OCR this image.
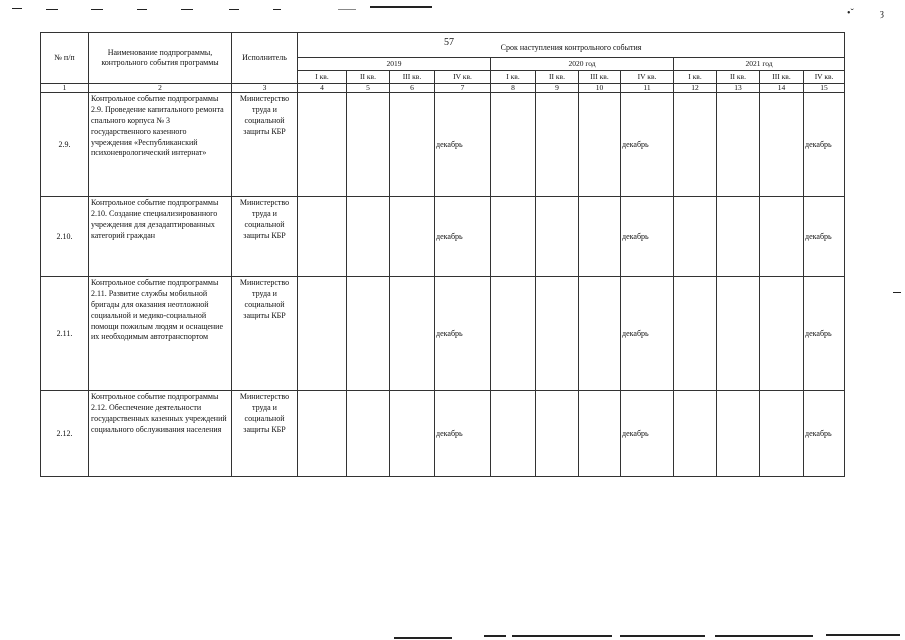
•ˇ	ȝ
№ п/п	Наименование подпрограммы, контрольного события программы	Исполнитель	Срок наступления контрольного события											
			2019				2020 год				2021 год			
			I кв.	II кв.	III кв.	IV кв.	I кв.	II кв.	III кв.	IV кв.	I кв.	II кв.	III кв.	IV кв.
1	2	3	4	5	6	7	8	9	10	11	12	13	14	15
2.9.	Контрольное событие подпрограммы 2.9. Проведение капитального ремонта спального корпуса № 3 государственного казенного учреждения «Республиканский психоневрологический интернат»	Министерство труда и социальной защиты КБР				декабрь				декабрь				декабрь
2.10.	Контрольное событие подпрограммы 2.10. Создание специализированного учреждения для дезадаптированных категорий граждан	Министерство труда и социальной защиты КБР				декабрь				декабрь				декабрь
2.11.	Контрольное событие подпрограммы 2.11. Развитие службы мобильной бригады для оказания неотложной социальной и медико-социальной помощи пожилым людям и оснащение их необходимым автотранспортом	Министерство труда и социальной защиты КБР				декабрь				декабрь				декабрь
2.12.	Контрольное событие подпрограммы 2.12. Обеспечение деятельности государственных казенных учреждений социального обслуживания населения	Министерство труда и социальной защиты КБР				декабрь				декабрь				декабрь
57
